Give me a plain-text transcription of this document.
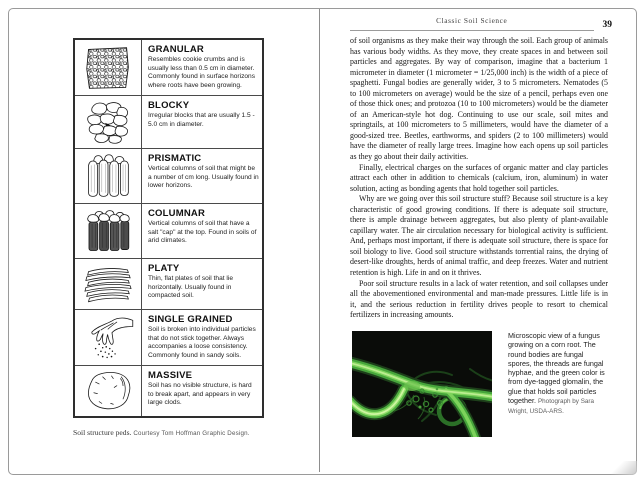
GRANULAR
Resembles cookie crumbs and is usually less than 0.5 cm in diameter. Commonly found in surface horizons where roots have been growing.
BLOCKY
Irregular blocks that are usually 1.5 - 5.0 cm in diameter.
PRISMATIC
Vertical columns of soil that might be a number of cm long. Usually found in lower horizons.
COLUMNAR
Vertical columns of soil that have a salt "cap" at the top. Found in soils of arid climates.
PLATY
Thin, flat plates of soil that lie horizontally. Usually found in compacted soil.
SINGLE GRAINED
Soil is broken into individual particles that do not stick together. Always accompanies a loose consistency. Commonly found in sandy soils.
MASSIVE
Soil has no visible structure, is hard to break apart, and appears in very large clods.
Soil structure peds. Courtesy Tom Hoffman Graphic Design.
Classic Soil Science	39

of soil organisms as they make their way through the soil. Each group of animals has various body widths. As they move, they create spaces in and between soil particles and aggregates. By way of comparison, imagine that a bacterium 1 micrometer in diameter (1 micrometer = 1/25,000 inch) is the width of a piece of spaghetti. Fungal bodies are generally wider, 3 to 5 micrometers. Nematodes (5 to 100 micrometers on average) would be the size of a pencil, perhaps even one of those thick ones; and protozoa (10 to 100 micrometers) would be the diameter of an American-style hot dog. Continuing to use our scale, soil mites and springtails, at 100 micrometers to 5 millimeters, would have the diameter of a good-sized tree. Beetles, earthworms, and spiders (2 to 100 millimeters) would have the diameter of really large trees. Imagine how each opens up soil particles as they go about their daily activities.

Finally, electrical charges on the surfaces of organic matter and clay particles attract each other in addition to chemicals (calcium, iron, aluminum) in water solution, acting as bonding agents that hold together soil particles.

Why are we going over this soil structure stuff? Because soil structure is a key characteristic of good growing conditions. If there is adequate soil structure, there is ample drainage between aggregates, but also plenty of plant-available capillary water. The air circulation necessary for biological activity is sufficient. And, perhaps most important, if there is adequate soil structure, there is space for soil biology to live. Good soil structure withstands torrential rains, the drying of desert-like droughts, herds of animal traffic, and deep freezes. Water and nutrient retention is high. Life in and on it thrives.

Poor soil structure results in a lack of water retention, and soil collapses under all the abovementioned environmental and man-made pressures. Little life is in it, and the serious reduction in fertility drives people to resort to chemical fertilizers in increasing amounts.

Microscopic view of a fungus growing on a corn root. The round bodies are fungal spores, the threads are fungal hyphae, and the green color is from dye-tagged glomalin, the glue that holds soil particles together. Photograph by Sara Wright, USDA-ARS.
